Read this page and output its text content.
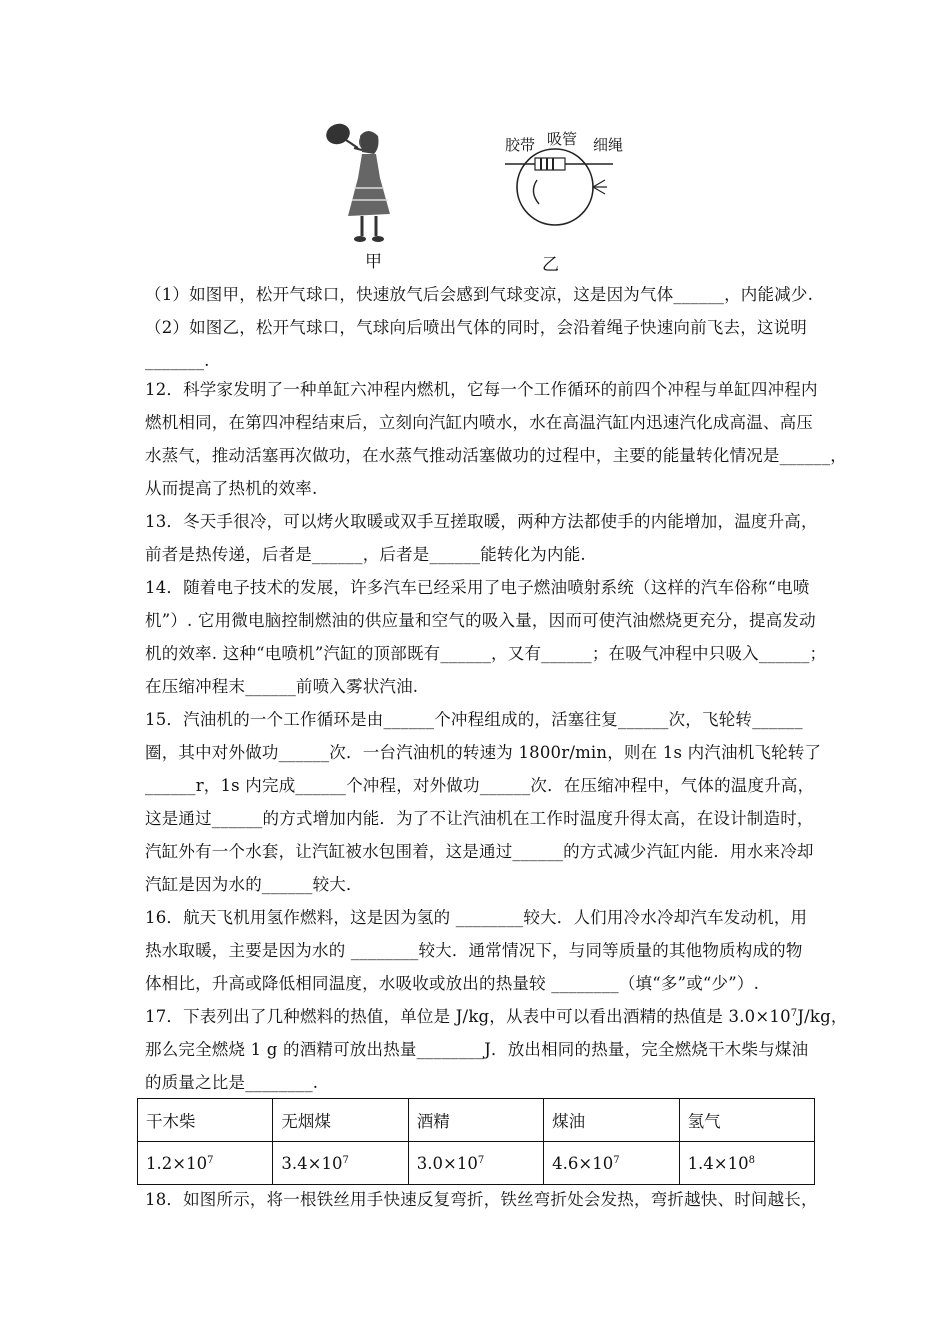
甲
胶带 吸管 细绳
乙
（1）如图甲，松开气球口，快速放气后会感到气球变凉，这是因为气体______，内能减少.
（2）如图乙，松开气球口，气球向后喷出气体的同时，会沿着绳子快速向前飞去，这说明
_______.
12．科学家发明了一种单缸六冲程内燃机，它每一个工作循环的前四个冲程与单缸四冲程内
燃机相同，在第四冲程结束后，立刻向汽缸内喷水，水在高温汽缸内迅速汽化成高温、高压
水蒸气，推动活塞再次做功，在水蒸气推动活塞做功的过程中，主要的能量转化情况是______，
从而提高了热机的效率.
13．冬天手很冷，可以烤火取暖或双手互搓取暖，两种方法都使手的内能增加，温度升高，
前者是热传递，后者是______，后者是______能转化为内能.
14．随着电子技术的发展，许多汽车已经采用了电子燃油喷射系统（这样的汽车俗称“电喷
机”）. 它用微电脑控制燃油的供应量和空气的吸入量，因而可使汽油燃烧更充分，提高发动
机的效率. 这种“电喷机”汽缸的顶部既有______，又有______；在吸气冲程中只吸入______；
在压缩冲程末______前喷入雾状汽油.
15．汽油机的一个工作循环是由______个冲程组成的，活塞往复______次，飞轮转______
圈，其中对外做功______次．一台汽油机的转速为 1800r/min，则在 1s 内汽油机飞轮转了
______r，1s 内完成______个冲程，对外做功______次．在压缩冲程中，气体的温度升高，
这是通过______的方式增加内能．为了不让汽油机在工作时温度升得太高，在设计制造时，
汽缸外有一个水套，让汽缸被水包围着，这是通过______的方式减少汽缸内能．用水来冷却
汽缸是因为水的______较大．
16．航天飞机用氢作燃料，这是因为氢的 ________较大．人们用冷水冷却汽车发动机，用
热水取暖，主要是因为水的 ________较大．通常情况下，与同等质量的其他物质构成的物
体相比，升高或降低相同温度，水吸收或放出的热量较 ________（填“多”或“少”）.
17．下表列出了几种燃料的热值，单位是 J/kg，从表中可以看出酒精的热值是 $3.0\times 10^7J/kg$，
那么完全燃烧 1 g 的酒精可放出热量________J．放出相同的热量，完全燃烧干木柴与煤油
的质量之比是________.
干木柴	无烟煤	酒精	煤油	氢气
$1.2\times 10^7$	$3.4\times 10^7$	$3.0\times 10^7$	$4.6\times 10^7$	$1.4\times 10^8$
18．如图所示，将一根铁丝用手快速反复弯折，铁丝弯折处会发热，弯折越快、时间越长，
